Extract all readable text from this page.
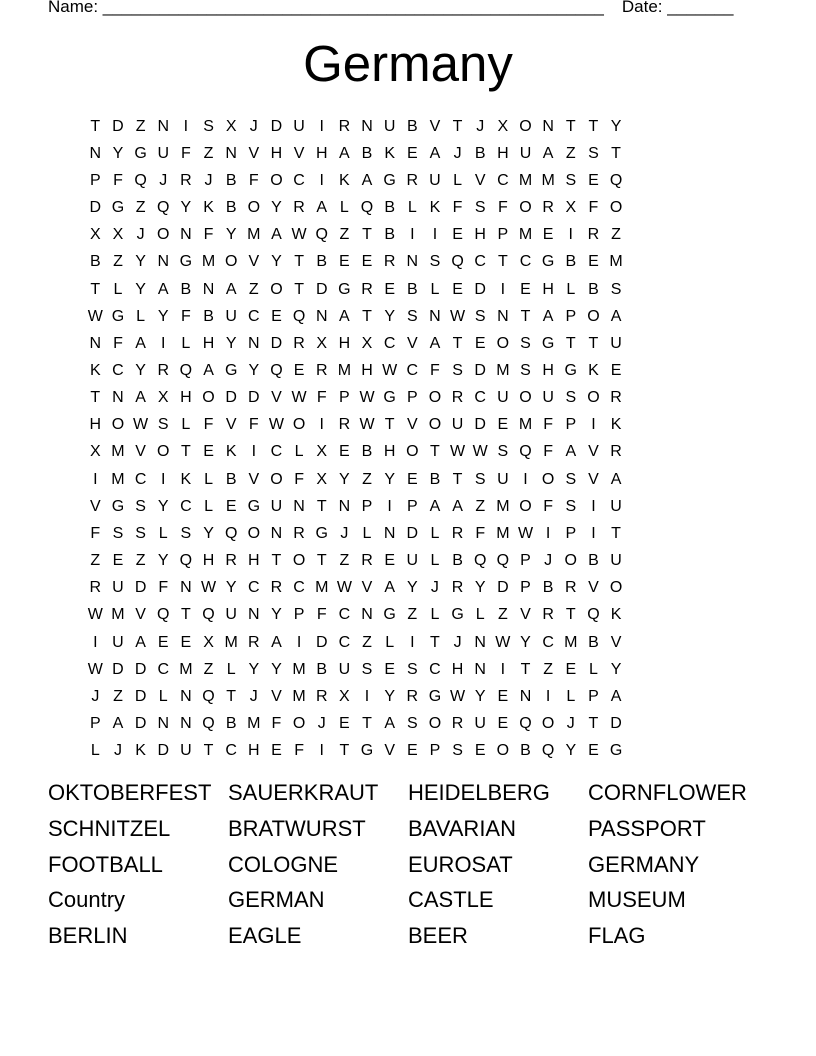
Name: _____________________________________________________ Date: _______
Germany
T D Z N I S X J D U I R N U B V T J X O N T T Y
N Y G U F Z N V H V H A B K E A J B H U A Z S T
P F Q J R J B F O C I K A G R U L V C M M S E Q
D G Z Q Y K B O Y R A L Q B L K F S F O R X F O
X X J O N F Y M A W Q Z T B I	I E H P M E I R Z
B Z Y N G M O V Y T B E E R N S Q C T C G B E M
T L Y A B N A Z O T D G R E B L E D I E H L B S
W G L Y F B U C E Q N A T Y S N W S N T A P O A
N F A I L H Y N D R X H X C V A T E O S G T T U
K C Y R Q A G Y Q E R M H W C F S D M S H G K E
T N A X H O D D V W F P W G P O R C U O U S O R
H O W S L F V F W O I R W T V O U D E M F P I K
X M V O T E K I C L X E B H O T W W S Q F A V R
I M C I K L B V O F X Y Z Y E B T S U I O S V A
V G S Y C L E G U N T N P I P A A Z M O F S I U
F S S L S Y Q O N R G J L N D L R F M W I P I T
Z E Z Y Q H R H T O T Z R E U L B Q Q P J O B U
R U D F N W Y C R C M W V A Y J R Y D P B R V O
W M V Q T Q U N Y P F C N G Z L G L Z V R T Q K
I U A E E X M R A I D C Z L I T J N W Y C M B V
W D D C M Z L Y Y M B U S E S C H N I T Z E L Y
J Z D L N Q T J V M R X I Y R G W Y E N I L P A
P A D N N Q B M F O J E T A S O R U E Q O J T D
L J K D U T C H E F I T G V E P S E O B Q Y E G
OKTOBERFEST SAUERKRAUT	HEIDELBERG	CORNFLOWER
SCHNITZEL	BRATWURST	BAVARIAN	PASSPORT
FOOTBALL	COLOGNE	EUROSAT	GERMANY
Country	GERMAN	CASTLE	MUSEUM
BERLIN	EAGLE	BEER	FLAG
